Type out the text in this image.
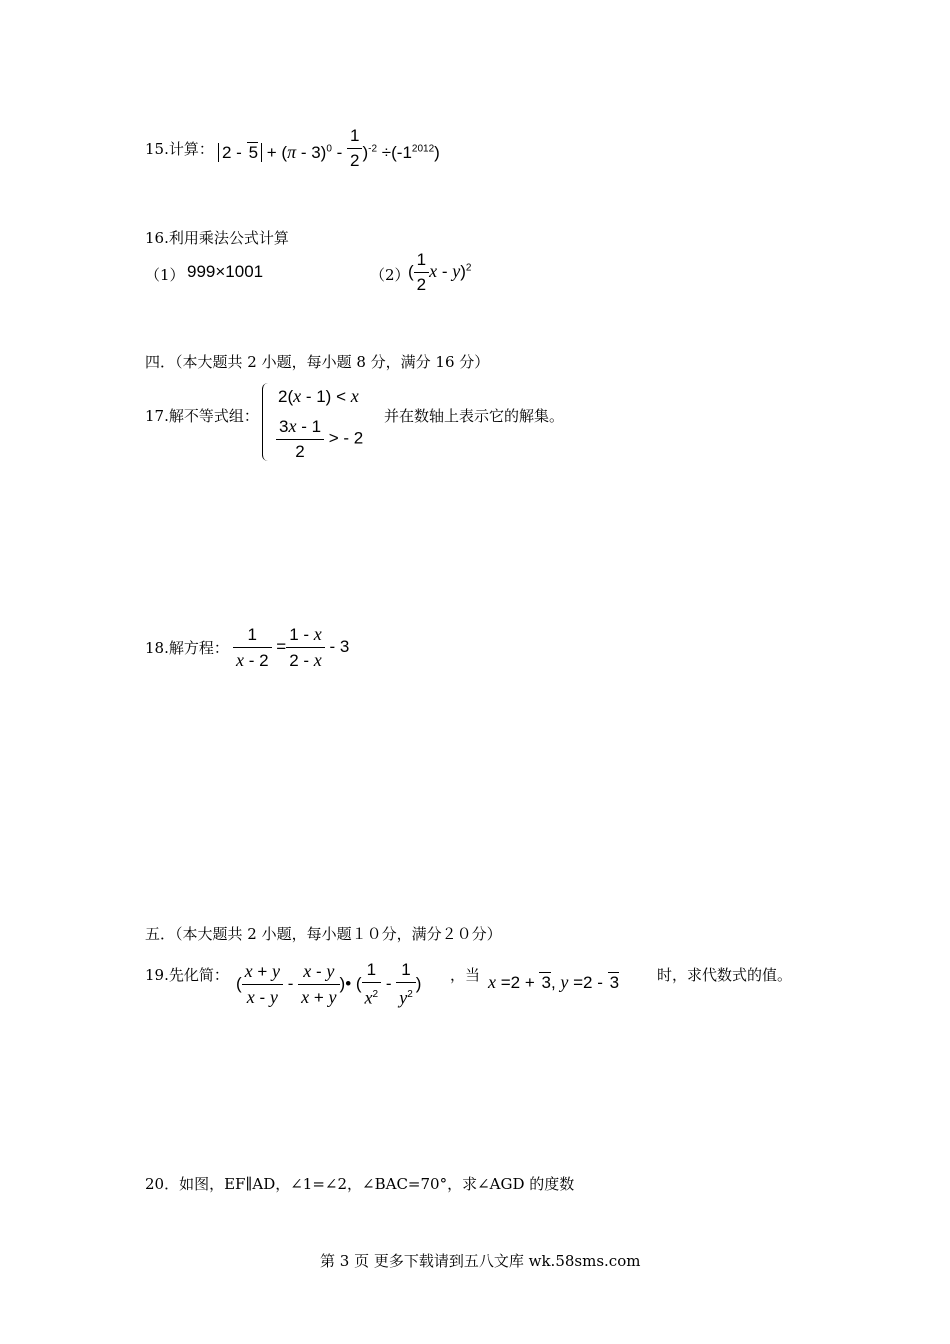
15.计算： $2 - 5 + (\pi - 3)^0 - \frac{1}{2} )^{-2} \div(-1^{2012})$
16.利用乘法公式计算
（1） 999×1001	（2）
( $\frac{1}{2}$ x - y)$^2$
四．（本大题共 2 小题，每小题 8 分，满分 16 分）
17.解不等式组：
2(x - 1) < x
$\frac{3x - 1}{2}$ > - 2
并在数轴上表示它的解集。
18.解方程： $\frac{1}{x - 2} = \frac{1 - x}{2 - x} - 3$
五．（本大题共 2 小题，每小题１０分，满分２０分）
19.先化简： ( $\frac{x + y}{x - y} - \frac{x - y}{x + y}$ )• ( $\frac{1}{x^2} - \frac{1}{y^2}$ ) ，当 x =2 + 3, y =2 - 3	时，求代数式的值。
20．如图，EF∥AD，∠1=∠2，∠BAC=70°，求∠AGD 的度数
第 3 页 更多下载请到五八文库 wk.58sms.com
